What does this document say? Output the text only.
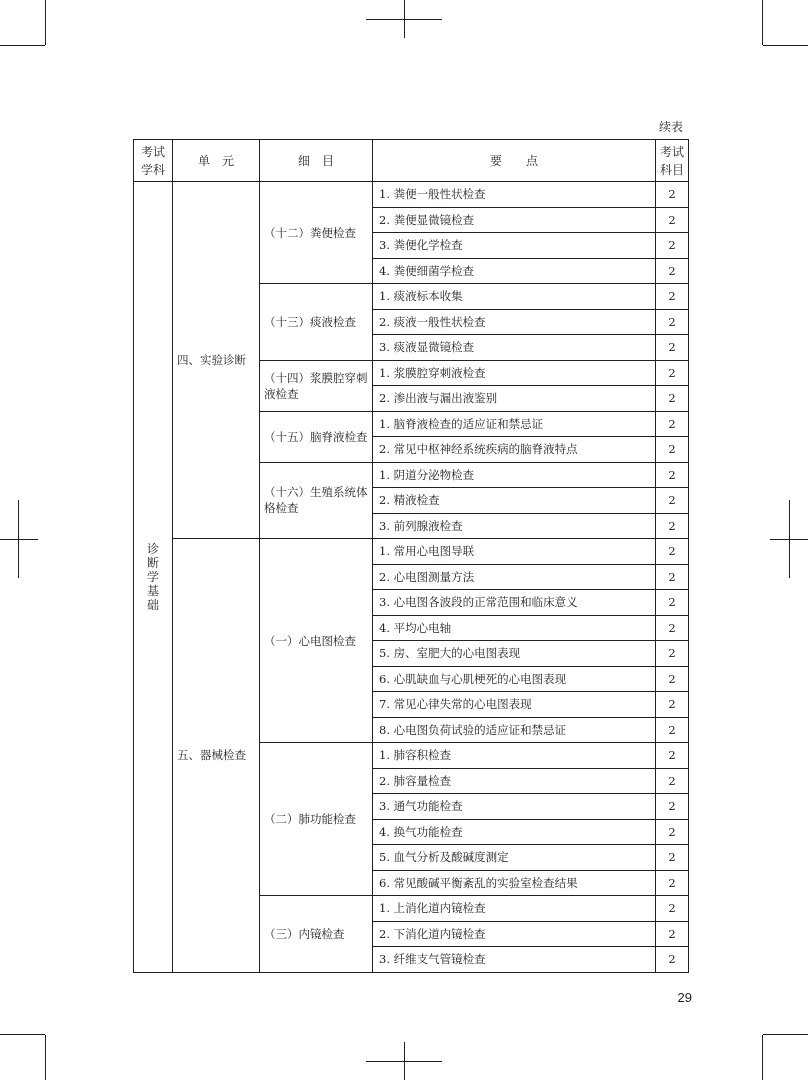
续表
考试学科	单　元	细　目	要　　点	考试科目

诊断学基础	四、实验诊断	（十二）粪便检查	1. 粪便一般性状检查	2
			2. 粪便显微镜检查	2
			3. 粪便化学检查	2
			4. 粪便细菌学检查	2
		（十三）痰液检查	1. 痰液标本收集	2
			2. 痰液一般性状检查	2
			3. 痰液显微镜检查	2
		（十四）浆膜腔穿刺液检查	1. 浆膜腔穿刺液检查	2
			2. 渗出液与漏出液鉴别	2
		（十五）脑脊液检查	1. 脑脊液检查的适应证和禁忌证	2
			2. 常见中枢神经系统疾病的脑脊液特点	2
		（十六）生殖系统体格检查	1. 阴道分泌物检查	2
			2. 精液检查	2
			3. 前列腺液检查	2
	五、器械检查	（一）心电图检查	1. 常用心电图导联	2
			2. 心电图测量方法	2
			3. 心电图各波段的正常范围和临床意义	2
			4. 平均心电轴	2
			5. 房、室肥大的心电图表现	2
			6. 心肌缺血与心肌梗死的心电图表现	2
			7. 常见心律失常的心电图表现	2
			8. 心电图负荷试验的适应证和禁忌证	2
		（二）肺功能检查	1. 肺容积检查	2
			2. 肺容量检查	2
			3. 通气功能检查	2
			4. 换气功能检查	2
			5. 血气分析及酸碱度测定	2
			6. 常见酸碱平衡紊乱的实验室检查结果	2
		（三）内镜检查	1. 上消化道内镜检查	2
			2. 下消化道内镜检查	2
			3. 纤维支气管镜检查	2
29
